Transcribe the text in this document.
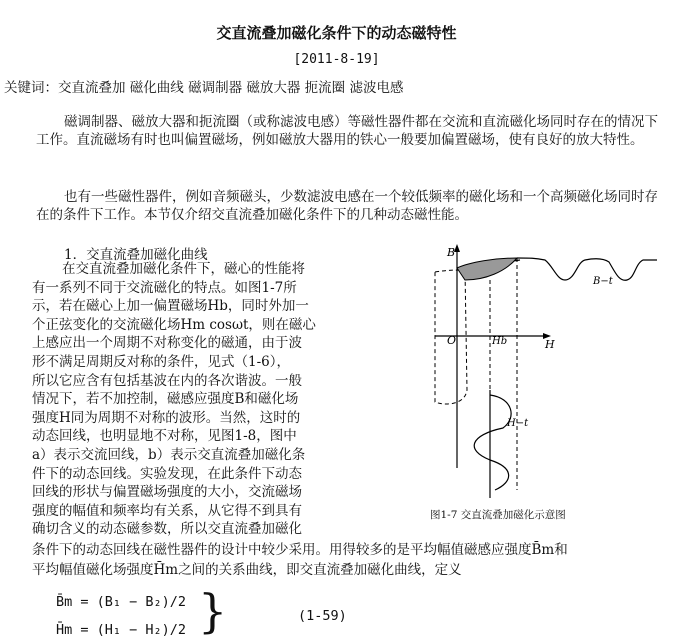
交直流叠加磁化条件下的动态磁特性
[2011-8-19]
关键词：交直流叠加 磁化曲线 磁调制器 磁放大器 扼流圈 滤波电感
磁调制器、磁放大器和扼流圈（或称滤波电感）等磁性器件都在交流和直流磁化场同时存在的情况下工作。直流磁场有时也叫偏置磁场，例如磁放大器用的铁心一般要加偏置磁场，使有良好的放大特性。
也有一些磁性器件，例如音频磁头，少数滤波电感在一个较低频率的磁化场和一个高频磁化场同时存在的条件下工作。本节仅介绍交直流叠加磁化条件下的几种动态磁性能。
1．交直流叠加磁化曲线
在交直流叠加磁化条件下，磁心的性能将
有一系列不同于交流磁化的特点。如图1-7所
示，若在磁心上加一偏置磁场Hb，同时外加一
个正弦变化的交流磁化场Hm cosωt，则在磁心
上感应出一个周期不对称变化的磁通，由于波
形不满足周期反对称的条件，见式（1-6），
所以它应含有包括基波在内的各次谐波。一般
情况下，若不加控制，磁感应强度B和磁化场
强度H同为周期不对称的波形。当然，这时的
动态回线，也明显地不对称，见图1-8，图中
a）表示交流回线，b）表示交直流叠加磁化条
件下的动态回线。实验发现，在此条件下动态
回线的形状与偏置磁场强度的大小，交流磁场
强度的幅值和频率均有关系，从它得不到具有
确切含义的动态磁参数，所以交直流叠加磁化
条件下的动态回线在磁性器件的设计中较少采用。用得较多的是平均幅值磁感应强度B̄m和
平均幅值磁化场强度H̄m之间的关系曲线，即交直流叠加磁化曲线，定义
B
H
O	Hb
B−t
H−t
图1-7 交直流叠加磁化示意图
B̄m = (B₁ − B₂)/2
H̄m = (H₁ − H₂)/2 }	(1-59)
